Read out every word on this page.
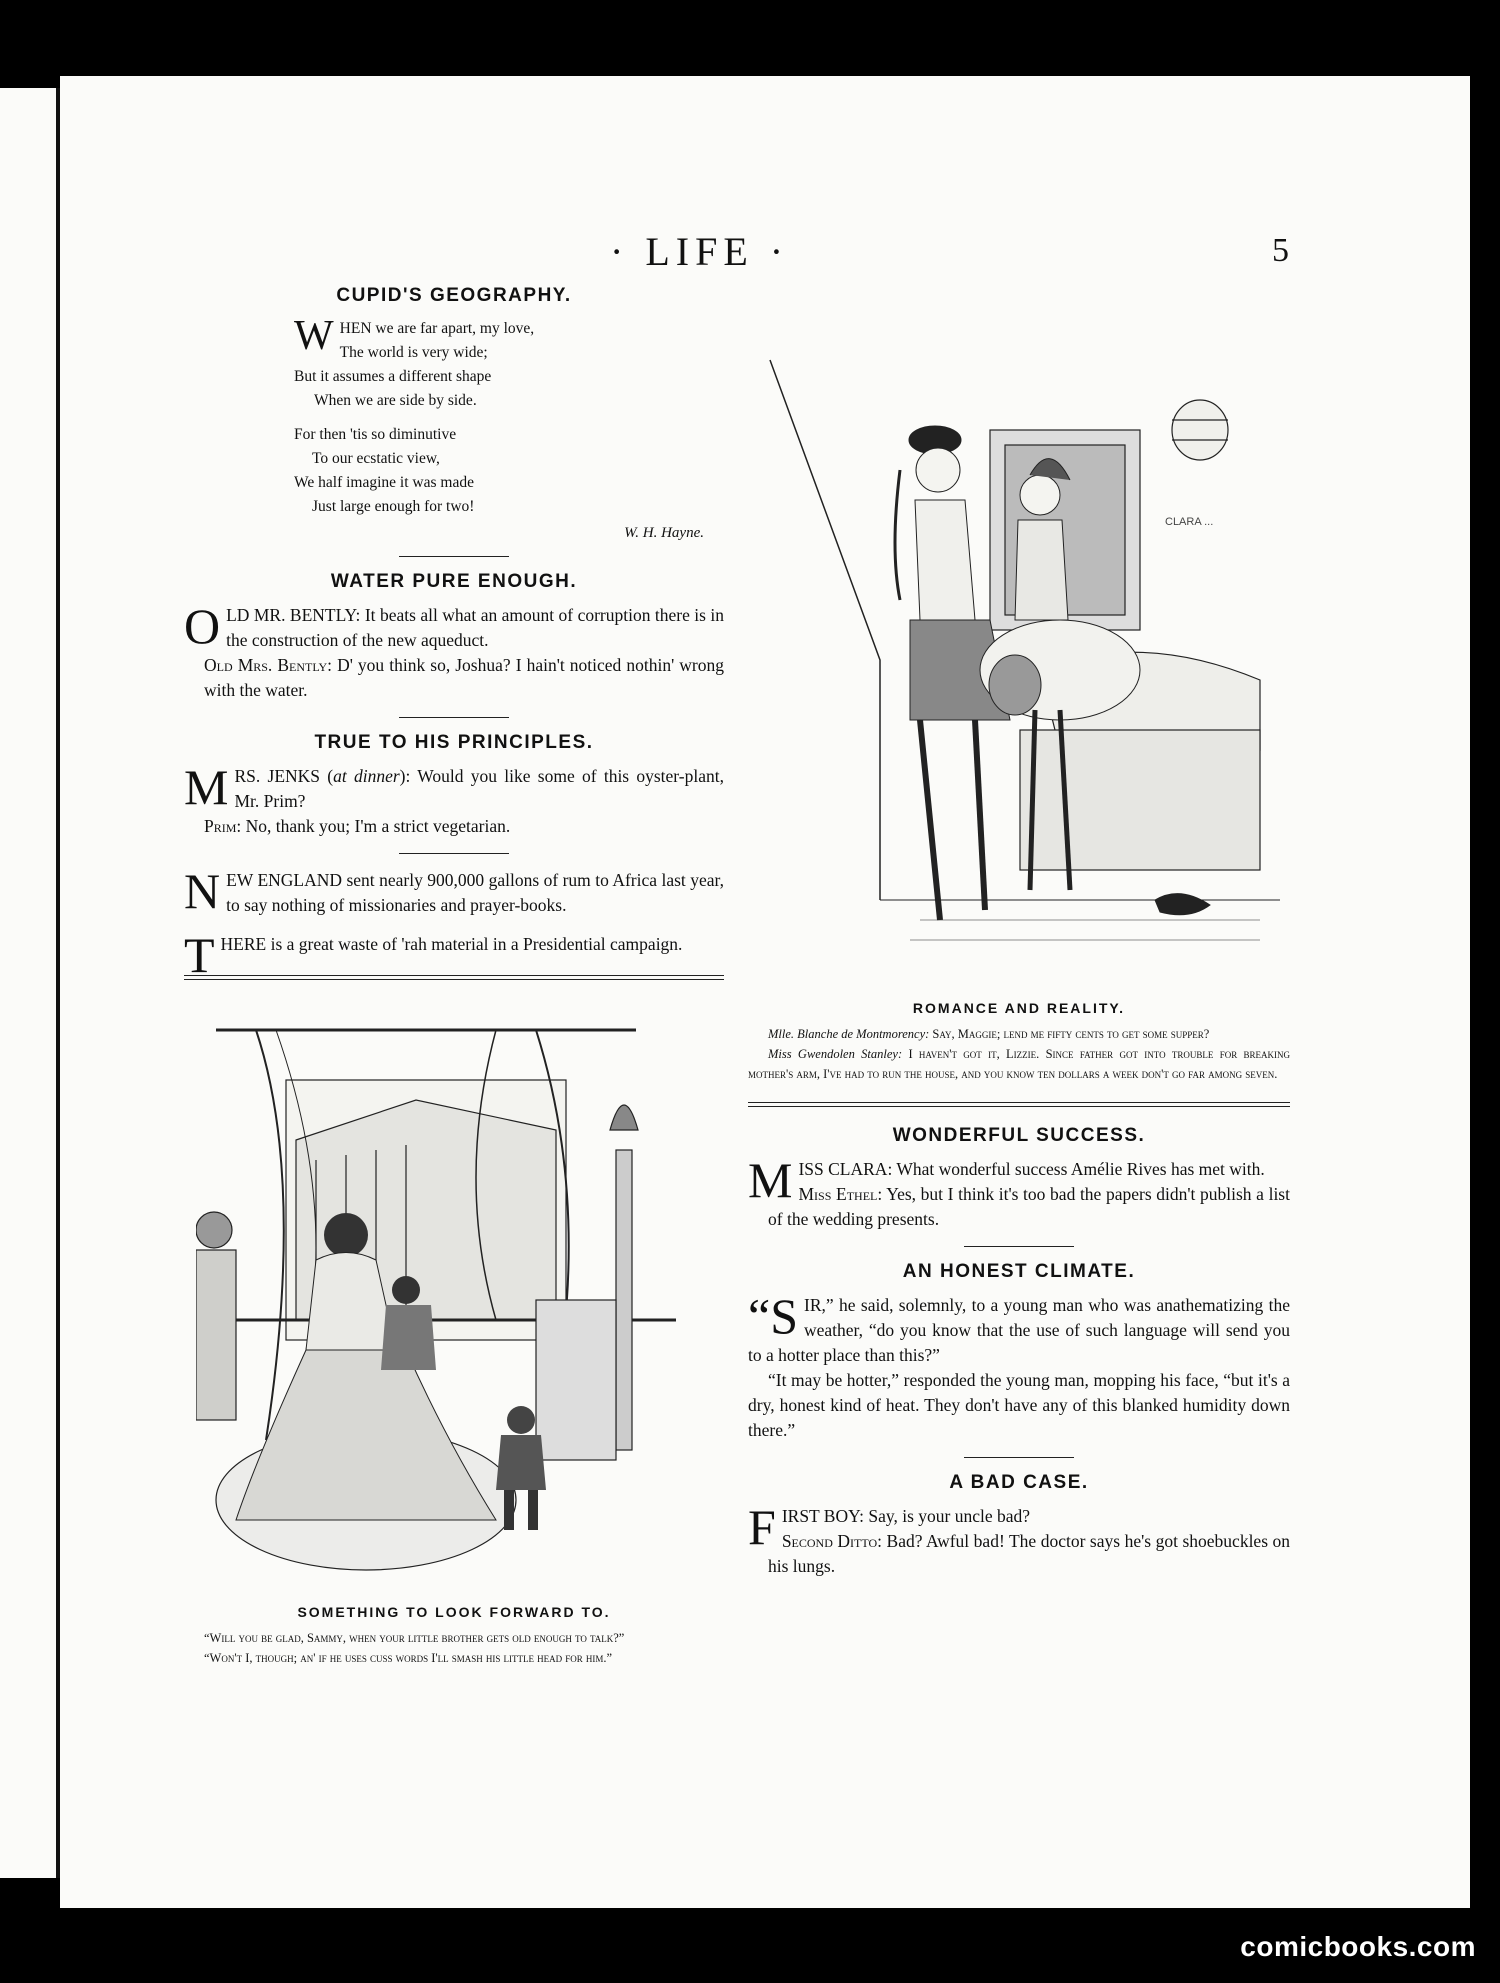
· LIFE ·	5
CUPID'S GEOGRAPHY.
W HEN we are far apart, my love,

The world is very wide;

But it assumes a different shape

When we are side by side.

For then 'tis so diminutive

To our ecstatic view,

We half imagine it was made

Just large enough for two!

W. H. Hayne.
WATER PURE ENOUGH.

OLD MR. BENTLY: It beats all what an amount of corruption there is in the construction of the new aqueduct.

Old Mrs. Bently: D' you think so, Joshua? I hain't noticed nothin' wrong with the water.

TRUE TO HIS PRINCIPLES.

MRS. JENKS (at dinner): Would you like some of this oyster-plant, Mr. Prim?

Prim: No, thank you; I'm a strict vegetarian.

NEW ENGLAND sent nearly 900,000 gallons of rum to Africa last year, to say nothing of missionaries and prayer-books.

THERE is a great waste of 'rah material in a Presidential campaign.

SOMETHING TO LOOK FORWARD TO.

“Will you be glad, Sammy, when your little brother gets old enough to talk?”

“Won't I, though; an' if he uses cuss words I'll smash his little head for him.”

CLARA ...
ROMANCE AND REALITY.

Mlle. Blanche de Montmorency: Say, Maggie; lend me fifty cents to get some supper?

Miss Gwendolen Stanley: I haven't got it, Lizzie. Since father got into trouble for breaking mother's arm, I've had to run the house, and you know ten dollars a week don't go far among seven.

WONDERFUL SUCCESS.

MISS CLARA: What wonderful success Amélie Rives has met with.

Miss Ethel: Yes, but I think it's too bad the papers didn't publish a list of the wedding presents.

AN HONEST CLIMATE.

“SIR,” he said, solemnly, to a young man who was anathematizing the weather, “do you know that the use of such language will send you to a hotter place than this?”

“It may be hotter,” responded the young man, mopping his face, “but it's a dry, honest kind of heat. They don't have any of this blanked humidity down there.”

A BAD CASE.

FIRST BOY: Say, is your uncle bad?

Second Ditto: Bad? Awful bad! The doctor says he's got shoebuckles on his lungs.

comicbooks.com
